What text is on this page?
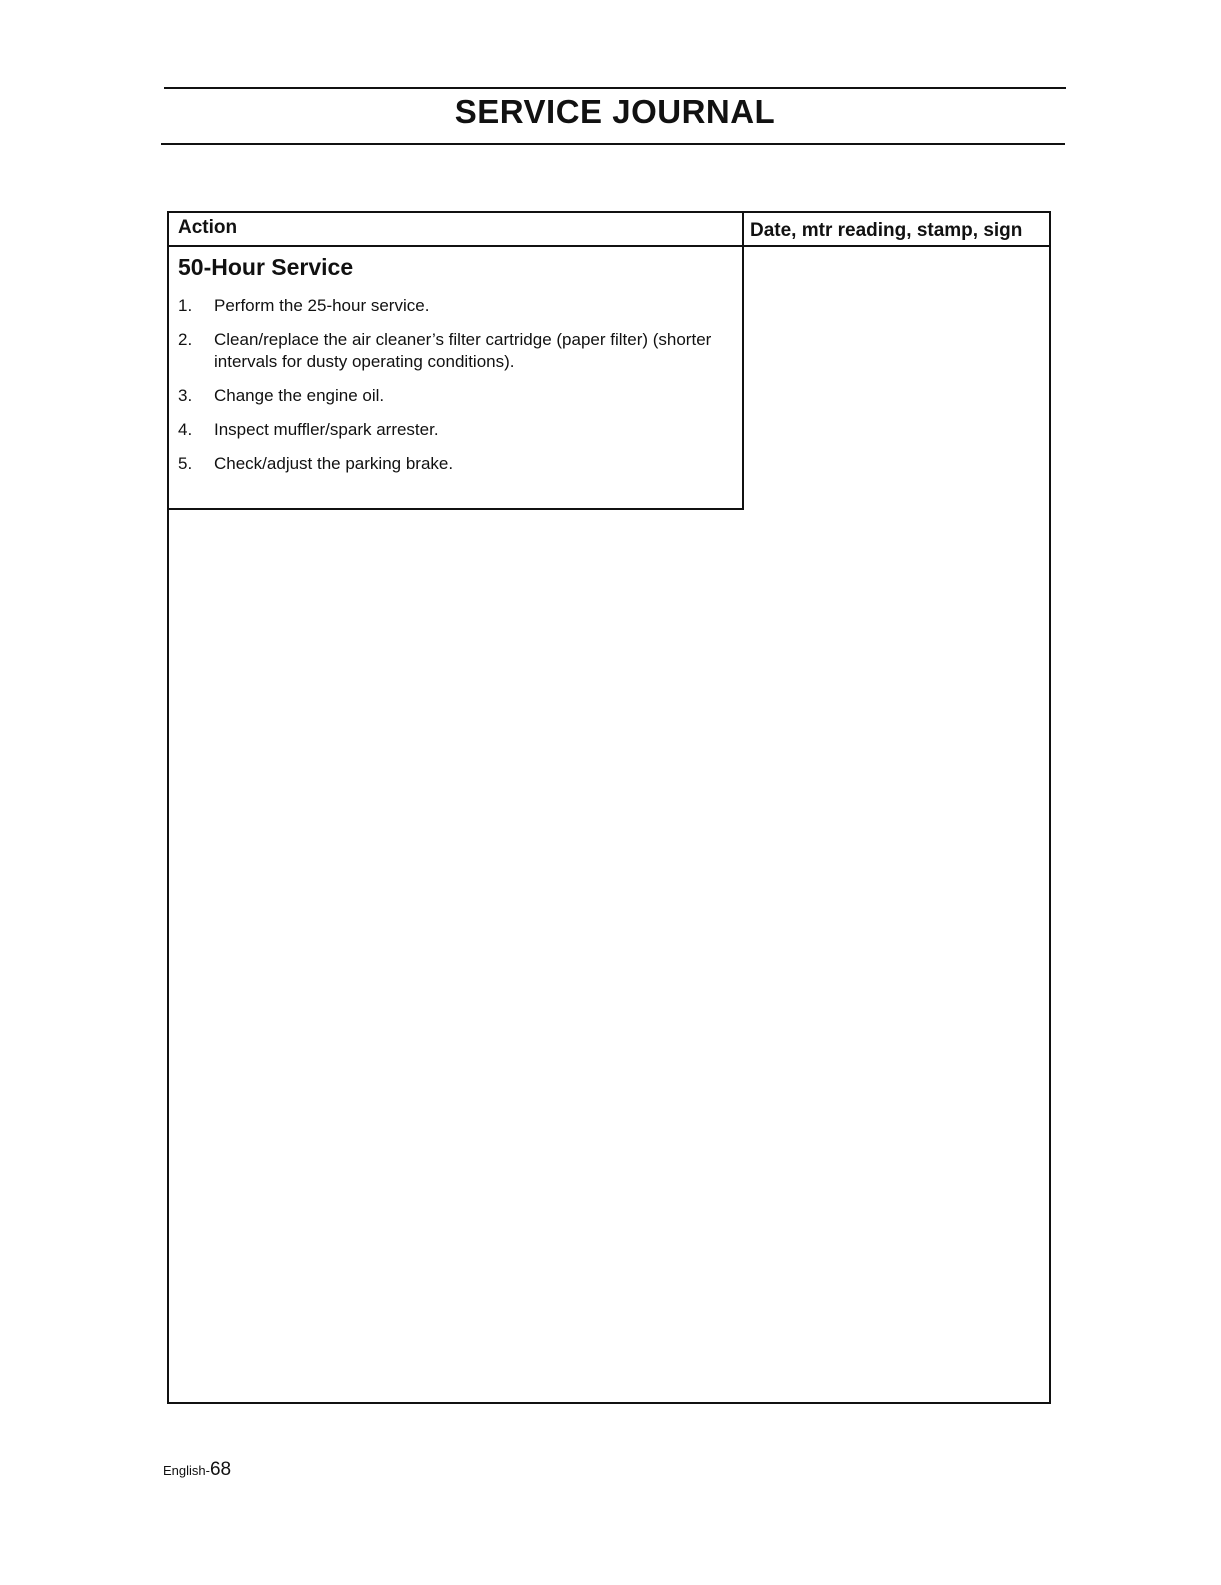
SERVICE JOURNAL
Action	Date, mtr reading, stamp, sign
50-Hour Service
1. Perform the 25-hour service.
2. Clean/replace the air cleaner’s filter cartridge (paper filter) (shorter intervals for dusty operating conditions).
3. Change the engine oil.
4. Inspect muffler/spark arrester.
5. Check/adjust the parking brake.
English-68
